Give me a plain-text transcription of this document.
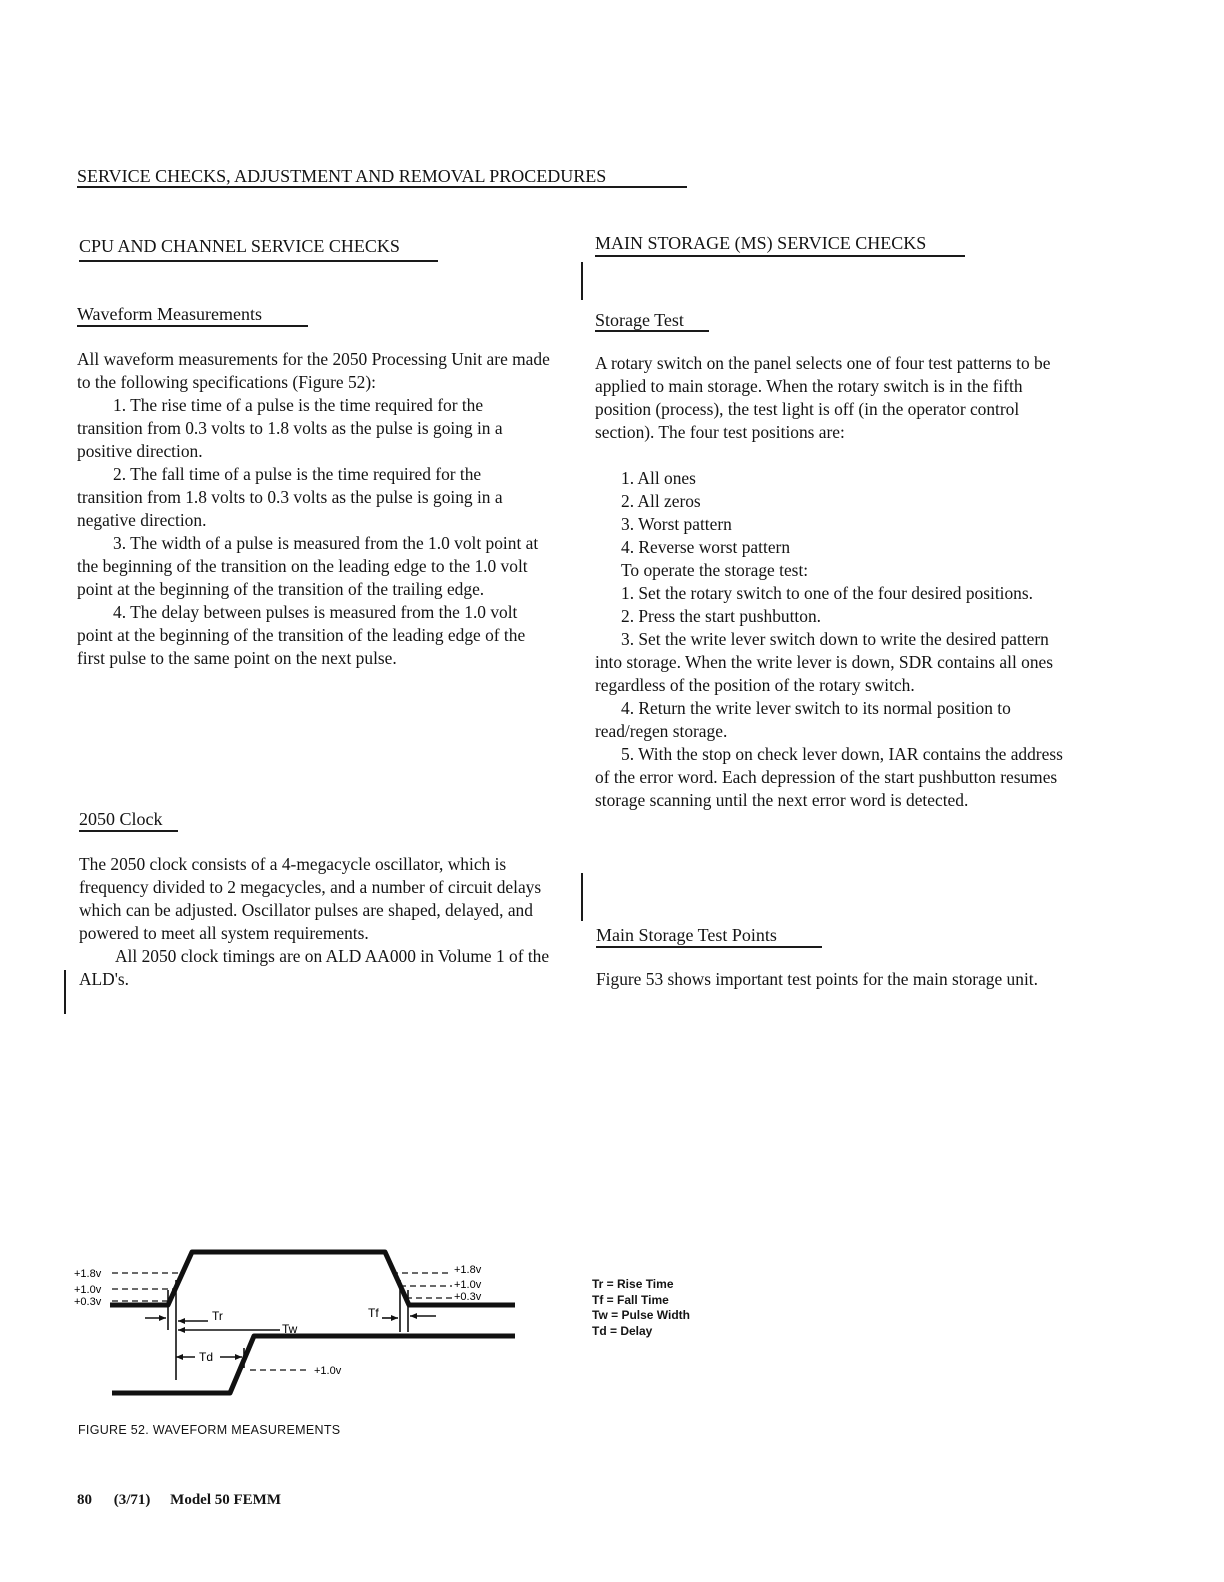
SERVICE CHECKS, ADJUSTMENT AND REMOVAL PROCEDURES
CPU AND CHANNEL SERVICE CHECKS
Waveform Measurements

All waveform measurements for the 2050 Processing Unit are made to the following specifications (Figure 52):

1. The rise time of a pulse is the time required for the transition from 0.3 volts to 1.8 volts as the pulse is going in a positive direction.

2. The fall time of a pulse is the time required for the transition from 1.8 volts to 0.3 volts as the pulse is going in a negative direction.

3. The width of a pulse is measured from the 1.0 volt point at the beginning of the transition on the leading edge to the 1.0 volt point at the beginning of the transition of the trailing edge.

4. The delay between pulses is measured from the 1.0 volt point at the beginning of the transition of the leading edge of the first pulse to the same point on the next pulse.

2050 Clock

The 2050 clock consists of a 4-megacycle oscillator, which is frequency divided to 2 megacycles, and a number of circuit delays which can be adjusted. Oscillator pulses are shaped, delayed, and powered to meet all system requirements.

All 2050 clock timings are on ALD AA000 in Volume 1 of the ALD's.

MAIN STORAGE (MS) SERVICE CHECKS
Storage Test
A rotary switch on the panel selects one of four test patterns to be applied to main storage. When the rotary switch is in the fifth position (process), the test light is off (in the operator control section). The four test positions are:
1. All ones
2. All zeros
3. Worst pattern
4. Reverse worst pattern
To operate the storage test:

1. Set the rotary switch to one of the four desired positions.

2. Press the start pushbutton.

3. Set the write lever switch down to write the desired pattern into storage. When the write lever is down, SDR contains all ones regardless of the position of the rotary switch.

4. Return the write lever switch to its normal position to read/regen storage.

5. With the stop on check lever down, IAR contains the address of the error word. Each depression of the start pushbutton resumes storage scanning until the next error word is detected.

Main Storage Test Points
Figure 53 shows important test points for the main storage unit.
Tr
Tw
Tf
Td
+1.8v
+1.0v
+0.3v
+1.8v
+1.0v
+0.3v
+1.0v
Tr = Rise Time
Tf = Fall Time
Tw = Pulse Width
Td = Delay
FIGURE 52. WAVEFORM MEASUREMENTS
80 (3/71) Model 50 FEMM
